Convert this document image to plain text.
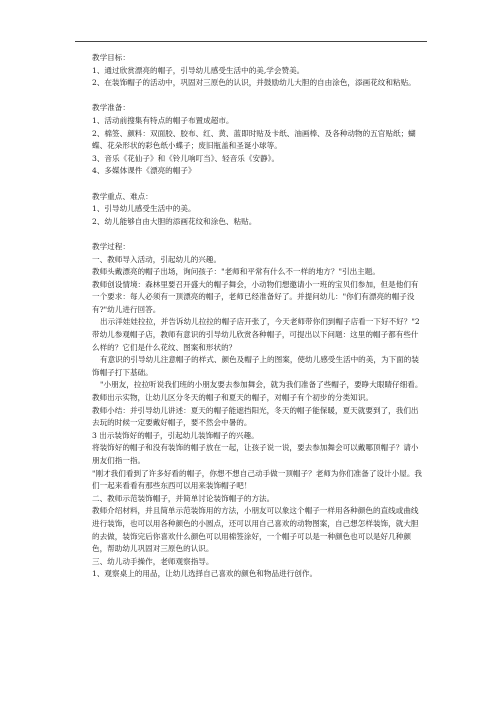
教学目标：

1、通过欣赏漂亮的帽子，引导幼儿感受生活中的美,学会赞美。

2、在装饰帽子的活动中，巩固对三原色的认识，并鼓励幼儿大胆的自由涂色，添画花纹和粘贴。

教学准备：

1、活动前搜集有特点的帽子布置成超市。

2、棉签、颜料：双面胶、胶布、红、黄、蓝即时贴及卡纸、油画棒、及各种动物的五官贴纸；蝴蝶、花朵形状的彩色纸小蝶子；废旧瓶盖和圣诞小球等。

3、音乐《花仙子》和《铃儿响叮当》、轻音乐《安静》。

4、多媒体课件《漂亮的帽子》

教学重点、难点：

1、引导幼儿感受生活中的美。

2、幼儿能够自由大胆的添画花纹和涂色、粘贴。

教学过程：

一、教师导入活动，引起幼儿的兴趣。

教师头戴漂亮的帽子出场，询问孩子："老师和平常有什么不一样的地方？"引出主题。

教师创设情境：森林里要召开盛大的帽子舞会，小动物们想邀请小一班的宝贝们参加，但是他们有一个要求：每人必须有一顶漂亮的帽子，老师已经准备好了。并提问幼儿："你们有漂亮的帽子没有?"幼儿进行回答。

出示洋娃娃拉拉，并告诉幼儿拉拉的帽子店开张了，今天老师带你们到帽子店看一下好不好？"2 带幼儿参观帽子店，教师有意识的引导幼儿欣赏各种帽子，可提出以下问题：这里的帽子都有些什么样的？它们是什么花纹、图案和形状的？

有意识的引导幼儿注意帽子的样式、颜色及帽子上的图案，使幼儿感受生活中的美，为下面的装饰帽子打下基础。

"小朋友，拉拉听说我们班的小朋友要去参加舞会，就为我们准备了些帽子，要睁大眼睛仔细看。

教师出示实物，让幼儿区分冬天的帽子和夏天的帽子，对帽子有个初步的分类知识。

教师小结：并引导幼儿讲述：夏天的帽子能遮挡阳光，冬天的帽子能保暖，夏天就要到了，我们出去玩的时候一定要戴好帽子，要不然会中暑的。

3 出示装饰好的帽子，引起幼儿装饰帽子的兴趣。

将装饰好的帽子和没有装饰的帽子放在一起，让孩子说一说，要去参加舞会可以戴哪顶帽子？请小朋友们指一指。

"刚才我们看到了许多好看的帽子，你想不想自己动手做一顶帽子？老师为你们准备了设计小屋。我们一起来看看有那些东西可以用来装饰帽子吧！

二、教师示范装饰帽子，并简单讨论装饰帽子的方法。

教师介绍材料，并且简单示范装饰用的方法，小朋友可以象这个帽子一样用各种颜色的直线或曲线进行装饰，也可以用各种颜色的小圆点，还可以用自己喜欢的动物图案，自己想怎样装饰，就大胆的去做，装饰完后你喜欢什么颜色可以用棉签涂好，一个帽子可以是一种颜色也可以是好几种颜色，帮助幼儿巩固对三原色的认识。

三、幼儿动手操作，老师观察指导。

1、观察桌上的用品，让幼儿选择自己喜欢的颜色和物品进行创作。
